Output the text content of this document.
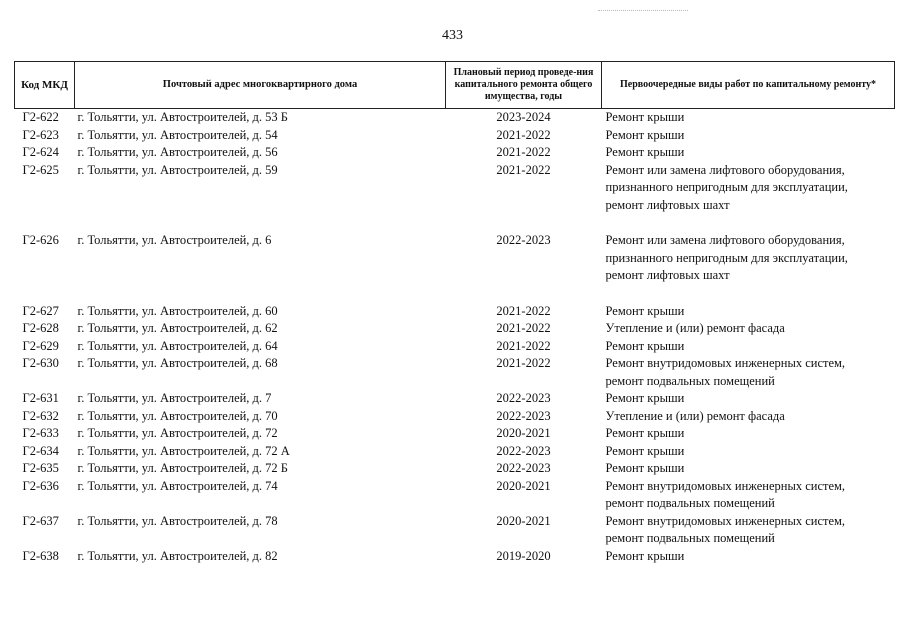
433
Код МКД	Почтовый адрес многоквартирного дома	Плановый период проведе-ния капитального ремонта общего имущества, годы	Первоочередные виды работ по капитальному ремонту*
Г2-622	г. Тольятти, ул. Автостроителей, д. 53 Б	2023-2024	Ремонт крыши

Г2-623	г. Тольятти, ул. Автостроителей, д. 54	2021-2022	Ремонт крыши

Г2-624	г. Тольятти, ул. Автостроителей, д. 56	2021-2022	Ремонт крыши

Г2-625	г. Тольятти, ул. Автостроителей, д. 59	2021-2022	Ремонт или замена лифтового оборудования,
признанного непригодным для эксплуатации,
ремонт лифтовых шахт

Г2-626	г. Тольятти, ул. Автостроителей, д. 6	2022-2023	Ремонт или замена лифтового оборудования,
признанного непригодным для эксплуатации,
ремонт лифтовых шахт

Г2-627	г. Тольятти, ул. Автостроителей, д. 60	2021-2022	Ремонт крыши

Г2-628	г. Тольятти, ул. Автостроителей, д. 62	2021-2022	Утепление и (или) ремонт фасада

Г2-629	г. Тольятти, ул. Автостроителей, д. 64	2021-2022	Ремонт крыши

Г2-630	г. Тольятти, ул. Автостроителей, д. 68	2021-2022	Ремонт внутридомовых инженерных систем,
ремонт подвальных помещений

Г2-631	г. Тольятти, ул. Автостроителей, д. 7	2022-2023	Ремонт крыши

Г2-632	г. Тольятти, ул. Автостроителей, д. 70	2022-2023	Утепление и (или) ремонт фасада

Г2-633	г. Тольятти, ул. Автостроителей, д. 72	2020-2021	Ремонт крыши

Г2-634	г. Тольятти, ул. Автостроителей, д. 72 А	2022-2023	Ремонт крыши

Г2-635	г. Тольятти, ул. Автостроителей, д. 72 Б	2022-2023	Ремонт крыши

Г2-636	г. Тольятти, ул. Автостроителей, д. 74	2020-2021	Ремонт внутридомовых инженерных систем,
ремонт подвальных помещений

Г2-637	г. Тольятти, ул. Автостроителей, д. 78	2020-2021	Ремонт внутридомовых инженерных систем,
ремонт подвальных помещений

Г2-638	г. Тольятти, ул. Автостроителей, д. 82	2019-2020	Ремонт крыши
